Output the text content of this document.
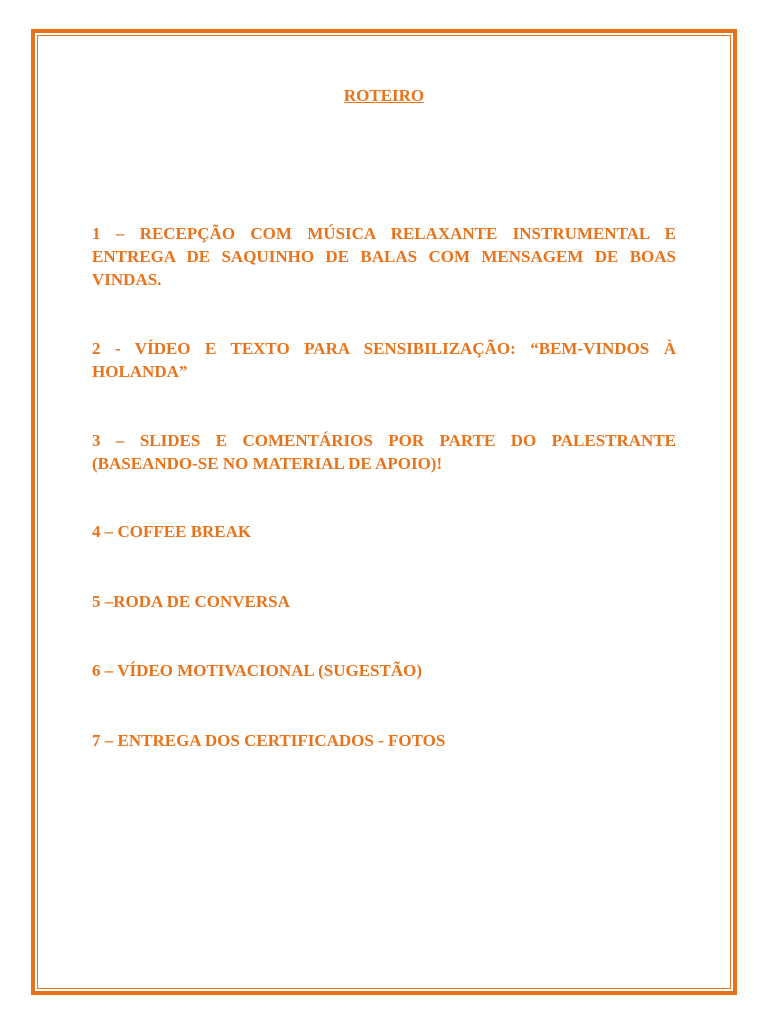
ROTEIRO

1 – RECEPÇÃO COM MÚSICA RELAXANTE INSTRUMENTAL E ENTREGA DE SAQUINHO DE BALAS COM MENSAGEM DE BOAS VINDAS.

2 - VÍDEO E TEXTO PARA SENSIBILIZAÇÃO: “BEM-VINDOS À HOLANDA”

3 – SLIDES E COMENTÁRIOS POR PARTE DO PALESTRANTE (BASEANDO-SE NO MATERIAL DE APOIO)!

4 – COFFEE BREAK

5 –RODA DE CONVERSA

6 – VÍDEO MOTIVACIONAL (SUGESTÃO)

7 – ENTREGA DOS CERTIFICADOS - FOTOS
